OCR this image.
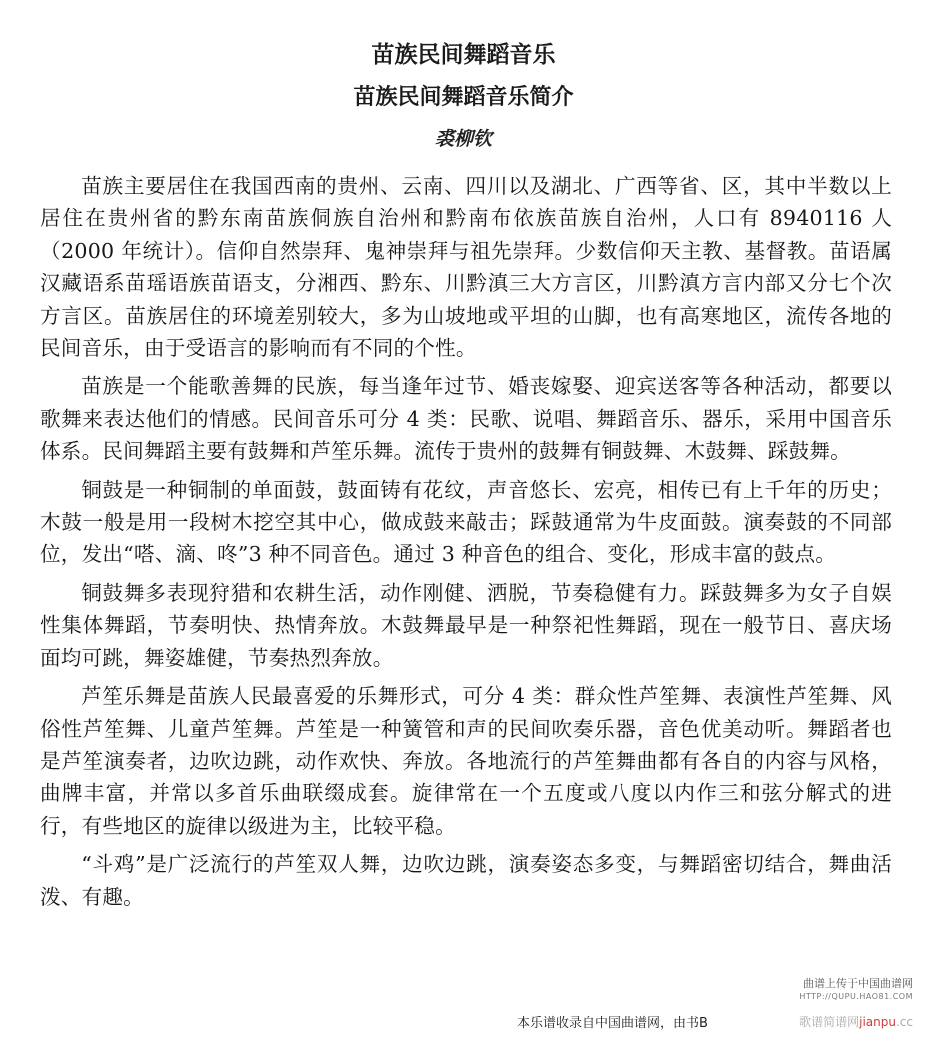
苗族民间舞蹈音乐
苗族民间舞蹈音乐简介
裘柳钦

苗族主要居住在我国西南的贵州、云南、四川以及湖北、广西等省、区，其中半数以上居住在贵州省的黔东南苗族侗族自治州和黔南布依族苗族自治州，人口有 8940116 人（2000 年统计）。信仰自然崇拜、鬼神崇拜与祖先崇拜。少数信仰天主教、基督教。苗语属汉藏语系苗瑶语族苗语支，分湘西、黔东、川黔滇三大方言区，川黔滇方言内部又分七个次方言区。苗族居住的环境差别较大，多为山坡地或平坦的山脚，也有高寒地区，流传各地的民间音乐，由于受语言的影响而有不同的个性。

苗族是一个能歌善舞的民族，每当逢年过节、婚丧嫁娶、迎宾送客等各种活动，都要以歌舞来表达他们的情感。民间音乐可分 4 类：民歌、说唱、舞蹈音乐、器乐，采用中国音乐体系。民间舞蹈主要有鼓舞和芦笙乐舞。流传于贵州的鼓舞有铜鼓舞、木鼓舞、踩鼓舞。

铜鼓是一种铜制的单面鼓，鼓面铸有花纹，声音悠长、宏亮，相传已有上千年的历史；木鼓一般是用一段树木挖空其中心，做成鼓来敲击；踩鼓通常为牛皮面鼓。演奏鼓的不同部位，发出“嗒、滴、咚”3 种不同音色。通过 3 种音色的组合、变化，形成丰富的鼓点。

铜鼓舞多表现狩猎和农耕生活，动作刚健、洒脱，节奏稳健有力。踩鼓舞多为女子自娱性集体舞蹈，节奏明快、热情奔放。木鼓舞最早是一种祭祀性舞蹈，现在一般节日、喜庆场面均可跳，舞姿雄健，节奏热烈奔放。

芦笙乐舞是苗族人民最喜爱的乐舞形式，可分 4 类：群众性芦笙舞、表演性芦笙舞、风俗性芦笙舞、儿童芦笙舞。芦笙是一种簧管和声的民间吹奏乐器，音色优美动听。舞蹈者也是芦笙演奏者，边吹边跳，动作欢快、奔放。各地流行的芦笙舞曲都有各自的内容与风格，曲牌丰富，并常以多首乐曲联缀成套。旋律常在一个五度或八度以内作三和弦分解式的进行，有些地区的旋律以级进为主，比较平稳。

“斗鸡”是广泛流行的芦笙双人舞，边吹边跳，演奏姿态多变，与舞蹈密切结合，舞曲活泼、有趣。

曲谱上传于中国曲谱网
HTTP://QUPU.HAO81.COM
歌谱简谱网jianpu.cc
本乐谱收录自中国曲谱网，由书B
